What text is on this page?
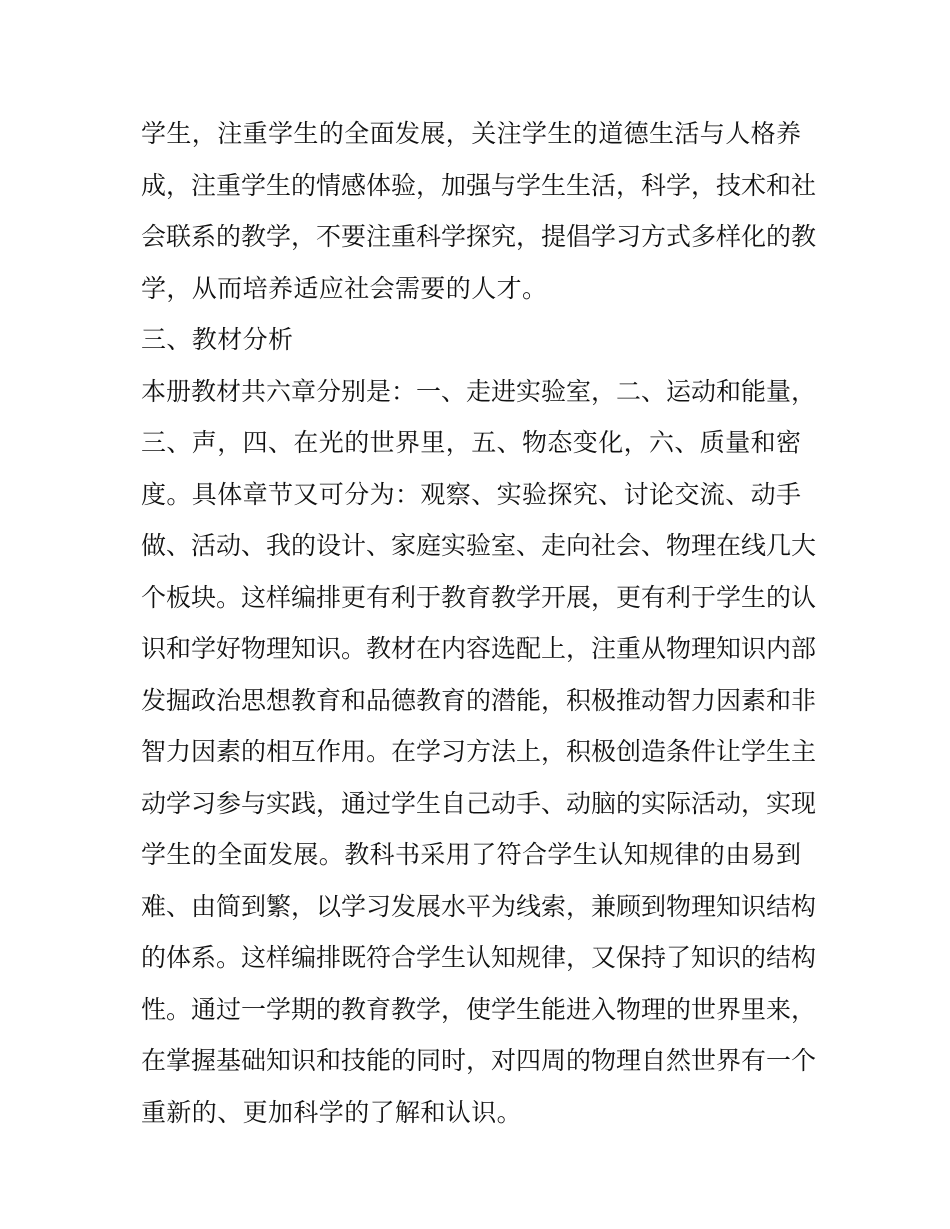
学生，注重学生的全面发展，关注学生的道德生活与人格养
成，注重学生的情感体验，加强与学生生活，科学，技术和社
会联系的教学，不要注重科学探究，提倡学习方式多样化的教
学，从而培养适应社会需要的人才。
三、教材分析
本册教材共六章分别是：一、走进实验室，二、运动和能量，
三、声，四、在光的世界里，五、物态变化，六、质量和密
度。具体章节又可分为：观察、实验探究、讨论交流、动手
做、活动、我的设计、家庭实验室、走向社会、物理在线几大
个板块。这样编排更有利于教育教学开展，更有利于学生的认
识和学好物理知识。教材在内容选配上，注重从物理知识内部
发掘政治思想教育和品德教育的潜能，积极推动智力因素和非
智力因素的相互作用。在学习方法上，积极创造条件让学生主
动学习参与实践，通过学生自己动手、动脑的实际活动，实现
学生的全面发展。教科书采用了符合学生认知规律的由易到
难、由简到繁，以学习发展水平为线索，兼顾到物理知识结构
的体系。这样编排既符合学生认知规律，又保持了知识的结构
性。通过一学期的教育教学，使学生能进入物理的世界里来，
在掌握基础知识和技能的同时，对四周的物理自然世界有一个
重新的、更加科学的了解和认识。
